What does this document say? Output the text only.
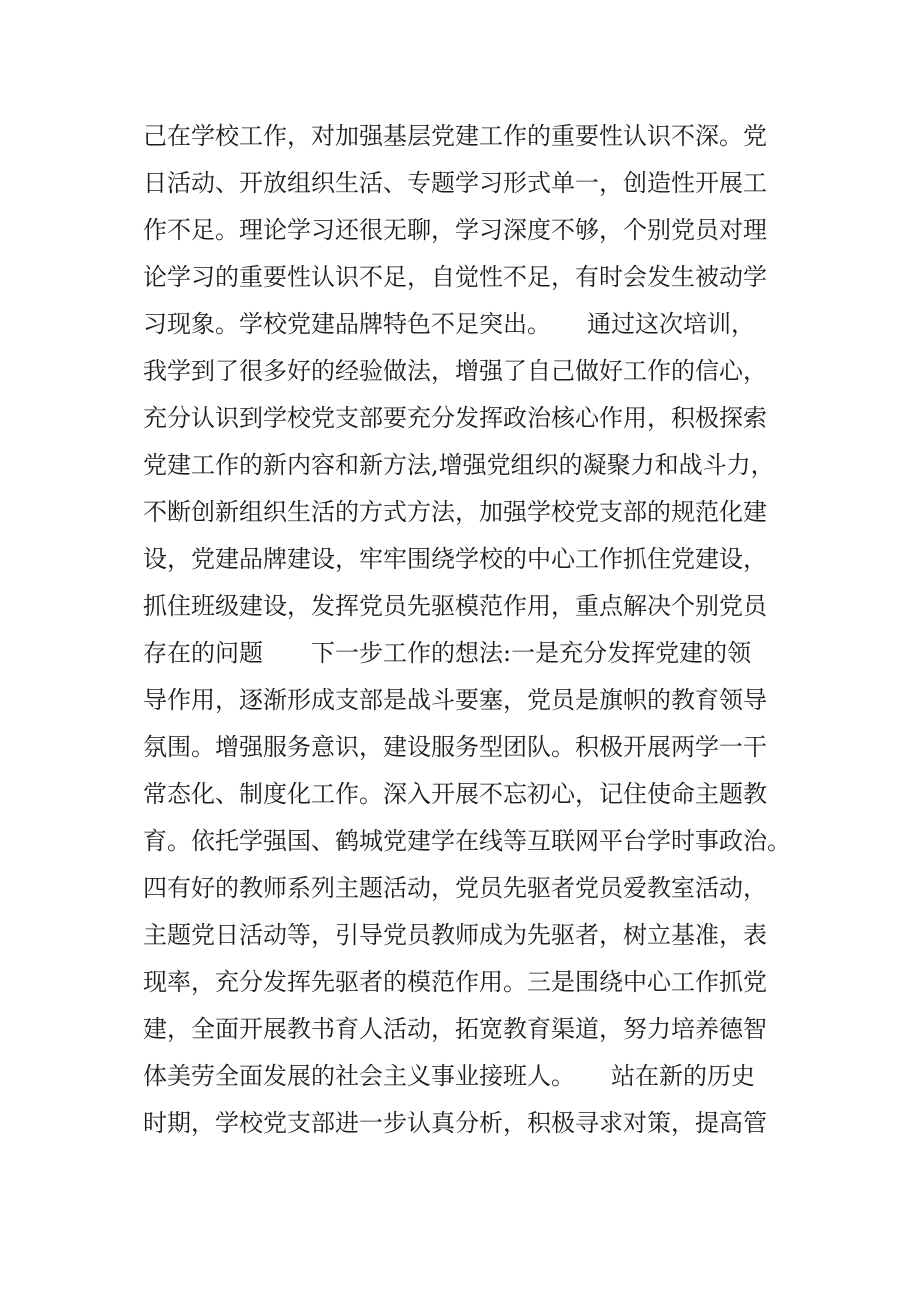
己在学校工作，对加强基层党建工作的重要性认识不深。党
日活动、开放组织生活、专题学习形式单一，创造性开展工
作不足。理论学习还很无聊，学习深度不够，个别党员对理
论学习的重要性认识不足，自觉性不足，有时会发生被动学
习现象。学校党建品牌特色不足突出。　　通过这次培训，
我学到了很多好的经验做法，增强了自己做好工作的信心，
充分认识到学校党支部要充分发挥政治核心作用，积极探索
党建工作的新内容和新方法,增强党组织的凝聚力和战斗力，
不断创新组织生活的方式方法，加强学校党支部的规范化建
设，党建品牌建设，牢牢围绕学校的中心工作抓住党建设，
抓住班级建设，发挥党员先驱模范作用，重点解决个别党员
存在的问题　　下一步工作的想法:一是充分发挥党建的领
导作用，逐渐形成支部是战斗要塞，党员是旗帜的教育领导
氛围。增强服务意识，建设服务型团队。积极开展两学一干
常态化、制度化工作。深入开展不忘初心，记住使命主题教
育。依托学强国、鹤城党建学在线等互联网平台学时事政治。
四有好的教师系列主题活动，党员先驱者党员爱教室活动，
主题党日活动等，引导党员教师成为先驱者，树立基准，表
现率，充分发挥先驱者的模范作用。三是围绕中心工作抓党
建，全面开展教书育人活动，拓宽教育渠道，努力培养德智
体美劳全面发展的社会主义事业接班人。　　站在新的历史
时期，学校党支部进一步认真分析，积极寻求对策，提高管
